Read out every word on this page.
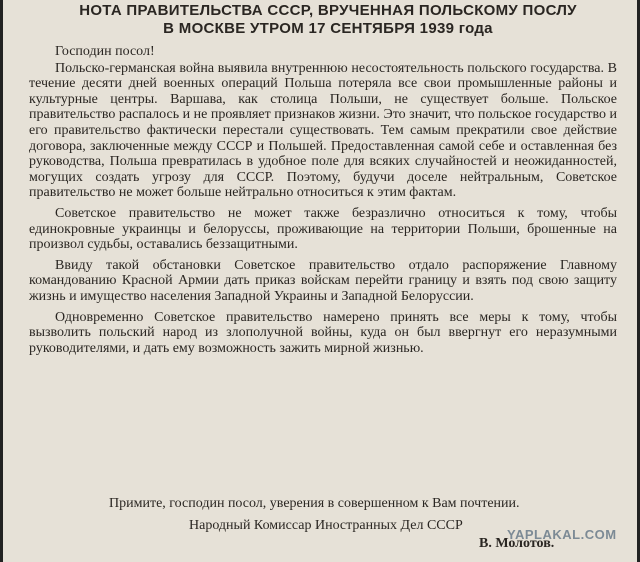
НОТА ПРАВИТЕЛЬСТВА СССР, ВРУЧЕННАЯ ПОЛЬСКОМУ ПОСЛУ
В МОСКВЕ УТРОМ 17 СЕНТЯБРЯ 1939 года

Господин посол!

Польско-германская война выявила внутреннюю несостоятельность польского государства. В течение десяти дней военных операций Польша потеряла все свои промышленные районы и культурные центры. Варшава, как столица Польши, не существует больше. Польское правительство распалось и не проявляет признаков жизни. Это значит, что польское государство и его правительство фактически перестали существовать. Тем самым прекратили свое действие договора, заключенные между СССР и Польшей. Предоставленная самой себе и оставленная без руководства, Польша превратилась в удобное поле для всяких случайностей и неожиданностей, могущих создать угрозу для СССР. Поэтому, будучи доселе нейтральным, Советское правительство не может больше нейтрально относиться к этим фактам.

Советское правительство не может также безразлично относиться к тому, чтобы единокровные украинцы и белоруссы, проживающие на территории Польши, брошенные на произвол судьбы, оставались беззащитными.

Ввиду такой обстановки Советское правительство отдало распоряжение Главному командованию Красной Армии дать приказ войскам перейти границу и взять под свою защиту жизнь и имущество населения Западной Украины и Западной Белоруссии.

Одновременно Советское правительство намерено принять все меры к тому, чтобы вызволить польский народ из злополучной войны, куда он был ввергнут его неразумными руководителями, и дать ему возможность зажить мирной жизнью.

Примите, господин посол, уверения в совершенном к Вам почтении.

Народный Комиссар Иностранных Дел СССР

В. Молотов.

YAPLAKAL.COM
